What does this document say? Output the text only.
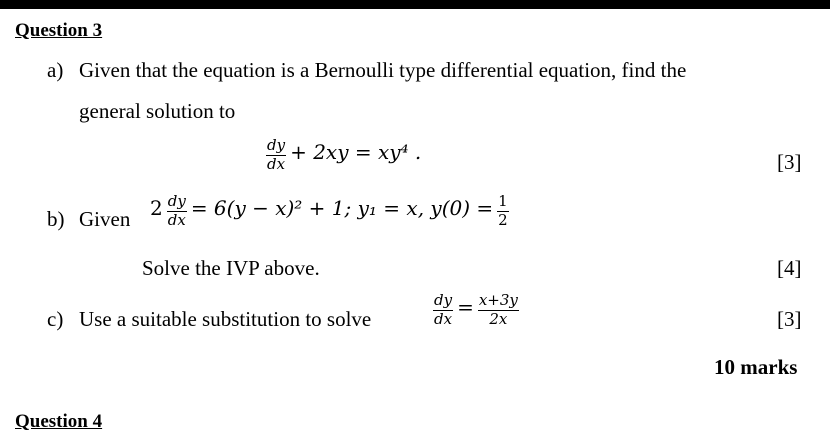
Question 3
a) Given that the equation is a Bernoulli type differential equation, find the
general solution to
$\frac{dy}{dx} + 2xy = xy^4$ .	[3]
b) Given $2 \frac{dy}{dx} = 6(y - x)^2 + 1$; y₁ = x, $y(0) = \frac{1}{2}$
Solve the IVP above.	[4]
c) Use a suitable substitution to solve	$\frac{dy}{dx} = \frac{x+3y}{2x}$	[3]
10 marks
Question 4
